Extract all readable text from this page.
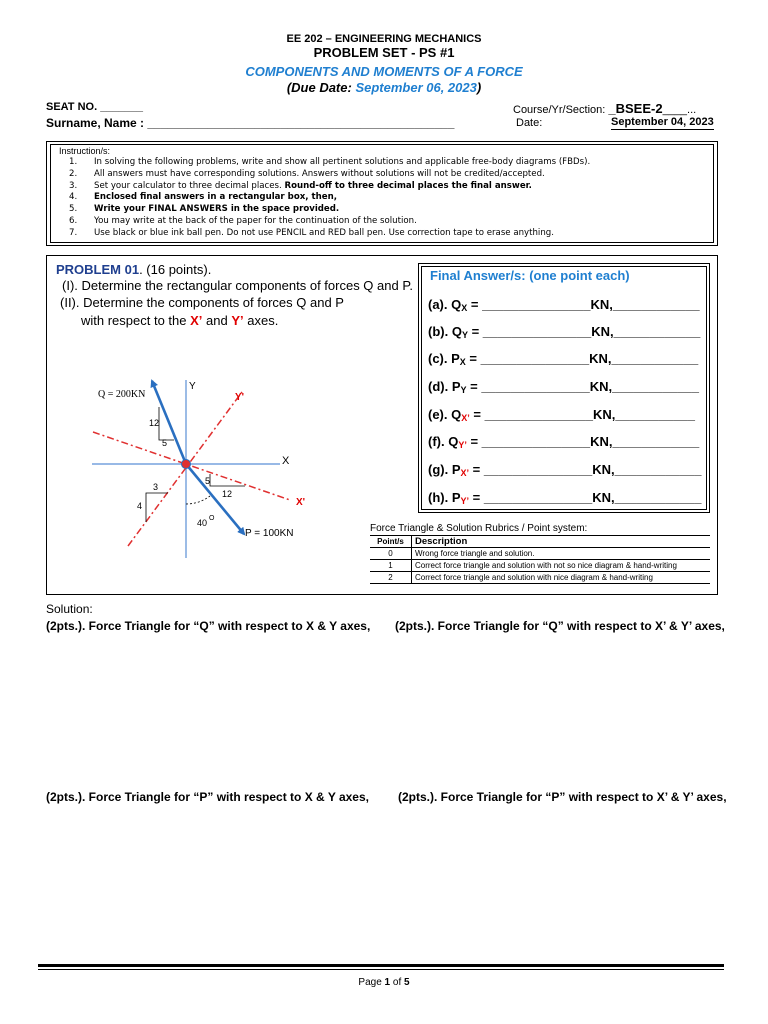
EE 202 – ENGINEERING MECHANICS
PROBLEM SET - PS #1
COMPONENTS AND MOMENTS OF A FORCE
(Due Date: September 06, 2023)
SEAT NO. _______
Surname, Name : ______________________________________________
Course/Yr/Section: _BSEE-2____...
Date:	September 04, 2023
Instruction/s:
1. In solving the following problems, write and show all pertinent solutions and applicable free-body diagrams (FBDs).
2. All answers must have corresponding solutions. Answers without solutions will not be credited/accepted.
3. Set your calculator to three decimal places. Round-off to three decimal places the final answer.
4. Enclosed final answers in a rectangular box, then,
5. Write your FINAL ANSWERS in the space provided.
6. You may write at the back of the paper for the continuation of the solution.
7. Use black or blue ink ball pen. Do not use PENCIL and RED ball pen. Use correction tape to erase anything.
PROBLEM 01. (16 points).
(I). Determine the rectangular components of forces Q and P.
(II). Determine the components of forces Q and P
with respect to the X’ and Y’ axes.
Q = 200KN
Y
Y'
X
X'
P = 100KN
12
5
12
5
3
4
40 O
Final Answer/s: (one point each)
(a). $Q_X$ = _______________KN,____________
(b). $Q_Y$ = _______________KN,____________
(c). $P_X$ = _______________KN,____________
(d). $P_Y$ = _______________KN,____________
(e). $Q_{X’}$ = _______________KN,___________
(f). $Q_{Y’}$ = _______________KN,____________
(g). $P_{X’}$ = _______________KN,____________
(h). $P_{Y’}$ = _______________KN,____________
Force Triangle & Solution Rubrics / Point system:
Point/s	Description
0	Wrong force triangle and solution.
1	Correct force triangle and solution with not so nice diagram & hand-writing
2	Correct force triangle and solution with nice diagram & hand-writing
Solution:
(2pts.). Force Triangle for “Q” with respect to X & Y axes, (2pts.). Force Triangle for “Q” with respect to X’ & Y’ axes,
(2pts.). Force Triangle for “P” with respect to X & Y axes, (2pts.). Force Triangle for “P” with respect to X’ & Y’ axes,
Page 1 of 5
